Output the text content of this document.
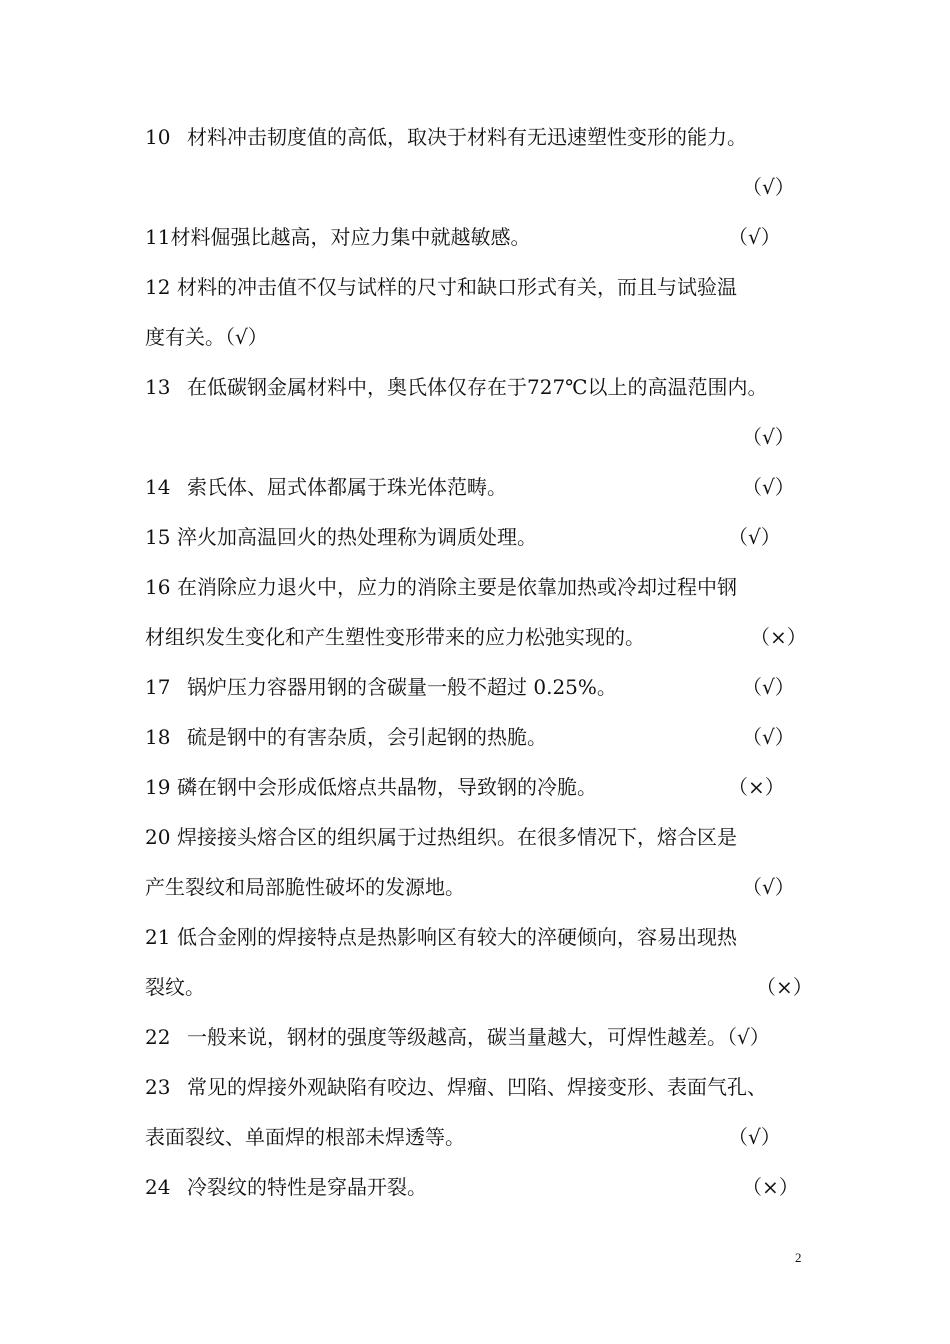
10 材料冲击韧度值的高低，取决于材料有无迅速塑性变形的能力。
（√）
11材料倔强比越高，对应力集中就越敏感。	（√）
12 材料的冲击值不仅与试样的尺寸和缺口形式有关，而且与试验温
度有关。（√）
13 在低碳钢金属材料中，奥氏体仅存在于727℃以上的高温范围内。
（√）
14 索氏体、屈式体都属于珠光体范畴。	（√）
15 淬火加高温回火的热处理称为调质处理。	（√）
16 在消除应力退火中，应力的消除主要是依靠加热或冷却过程中钢
材组织发生变化和产生塑性变形带来的应力松弛实现的。	（×）
17 锅炉压力容器用钢的含碳量一般不超过 0.25%。	（√）
18 硫是钢中的有害杂质，会引起钢的热脆。	（√）
19 磷在钢中会形成低熔点共晶物，导致钢的冷脆。	（×）
20 焊接接头熔合区的组织属于过热组织。在很多情况下，熔合区是
产生裂纹和局部脆性破坏的发源地。	（√）
21 低合金刚的焊接特点是热影响区有较大的淬硬倾向，容易出现热
裂纹。	（×）
22 一般来说，钢材的强度等级越高，碳当量越大，可焊性越差。（√）
23 常见的焊接外观缺陷有咬边、焊瘤、凹陷、焊接变形、表面气孔、
表面裂纹、单面焊的根部未焊透等。	（√）
24 冷裂纹的特性是穿晶开裂。	（×）
2
